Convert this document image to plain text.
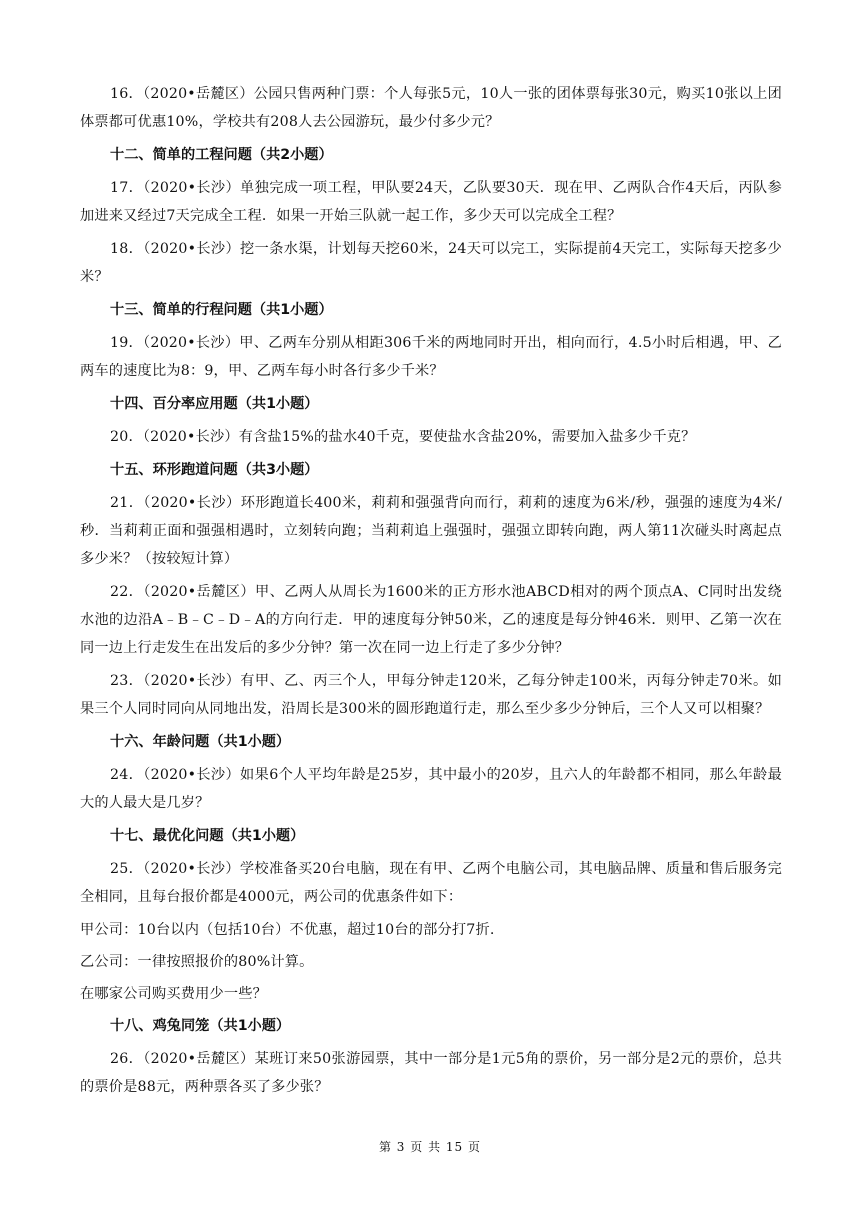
16．（2020•岳麓区）公园只售两种门票：个人每张5元，10人一张的团体票每张30元，购买10张以上团体票都可优惠10%，学校共有208人去公园游玩，最少付多少元？

十二、简单的工程问题（共2小题）

17．（2020•长沙）单独完成一项工程，甲队要24天，乙队要30天．现在甲、乙两队合作4天后，丙队参加进来又经过7天完成全工程．如果一开始三队就一起工作，多少天可以完成全工程？

18．（2020•长沙）挖一条水渠，计划每天挖60米，24天可以完工，实际提前4天完工，实际每天挖多少米？

十三、简单的行程问题（共1小题）

19．（2020•长沙）甲、乙两车分别从相距306千米的两地同时开出，相向而行，4.5小时后相遇，甲、乙两车的速度比为8：9，甲、乙两车每小时各行多少千米？

十四、百分率应用题（共1小题）

20．（2020•长沙）有含盐15%的盐水40千克，要使盐水含盐20%，需要加入盐多少千克？

十五、环形跑道问题（共3小题）

21．（2020•长沙）环形跑道长400米，莉莉和强强背向而行，莉莉的速度为6米/秒，强强的速度为4米/秒．当莉莉正面和强强相遇时，立刻转向跑；当莉莉追上强强时，强强立即转向跑，两人第11次碰头时离起点多少米？（按较短计算）

22．（2020•岳麓区）甲、乙两人从周长为1600米的正方形水池ABCD相对的两个顶点A、C同时出发绕水池的边沿A﹣B﹣C﹣D﹣A的方向行走．甲的速度每分钟50米，乙的速度是每分钟46米．则甲、乙第一次在同一边上行走发生在出发后的多少分钟？第一次在同一边上行走了多少分钟？

23．（2020•长沙）有甲、乙、丙三个人，甲每分钟走120米，乙每分钟走100米，丙每分钟走70米。如果三个人同时同向从同地出发，沿周长是300米的圆形跑道行走，那么至少多少分钟后，三个人又可以相聚？

十六、年龄问题（共1小题）

24．（2020•长沙）如果6个人平均年龄是25岁，其中最小的20岁，且六人的年龄都不相同，那么年龄最大的人最大是几岁？

十七、最优化问题（共1小题）

25．（2020•长沙）学校准备买20台电脑，现在有甲、乙两个电脑公司，其电脑品牌、质量和售后服务完全相同，且每台报价都是4000元，两公司的优惠条件如下：

甲公司：10台以内（包括10台）不优惠，超过10台的部分打7折.

乙公司：一律按照报价的80%计算。

在哪家公司购买费用少一些？

十八、鸡兔同笼（共1小题）

26．（2020•岳麓区）某班订来50张游园票，其中一部分是1元5角的票价，另一部分是2元的票价，总共的票价是88元，两种票各买了多少张？

第 3 页 共 15 页
